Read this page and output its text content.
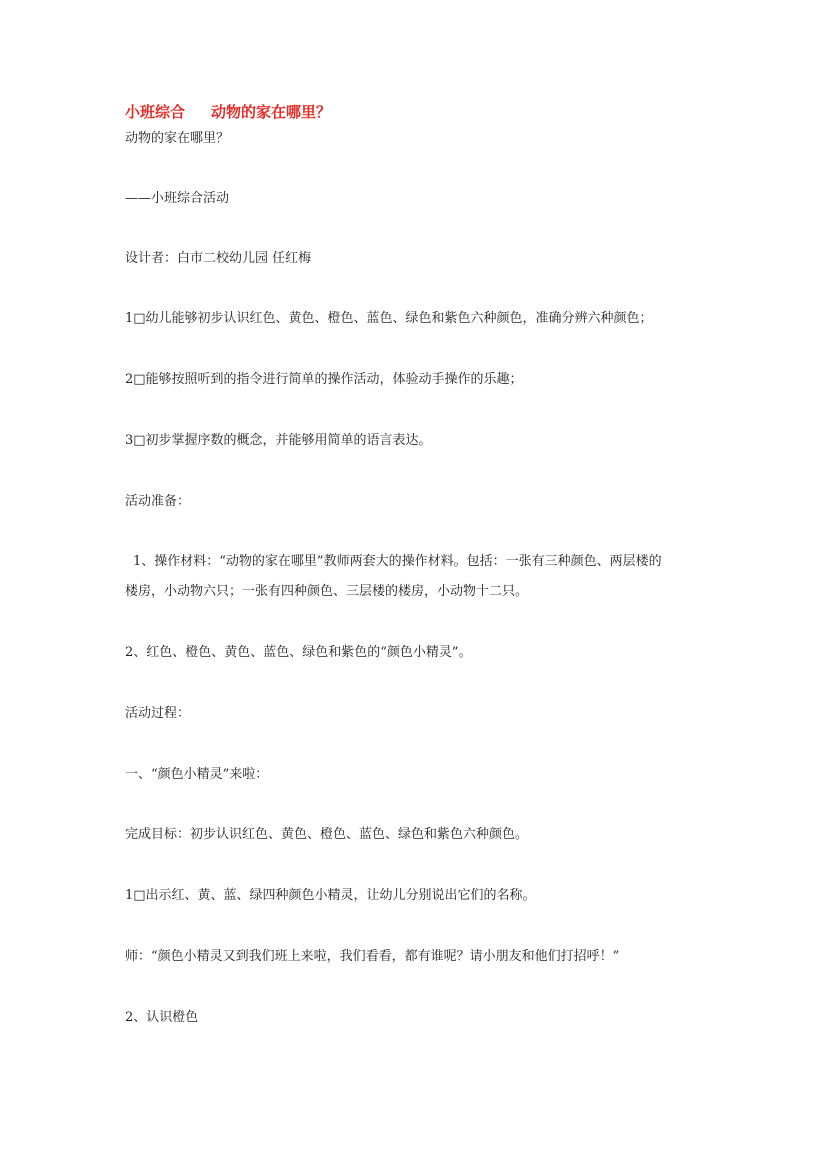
小班综合 动物的家在哪里？
动物的家在哪里？
——小班综合活动
设计者：白市二校幼儿园 任红梅
1□幼儿能够初步认识红色、黄色、橙色、蓝色、绿色和紫色六种颜色，准确分辨六种颜色；
2□能够按照听到的指令进行简单的操作活动，体验动手操作的乐趣；
3□初步掌握序数的概念，并能够用简单的语言表达。
活动准备：
1、操作材料：“动物的家在哪里”教师两套大的操作材料。包括：一张有三种颜色、两层楼的
楼房，小动物六只；一张有四种颜色、三层楼的楼房，小动物十二只。
2、红色、橙色、黄色、蓝色、绿色和紫色的“颜色小精灵”。
活动过程：
一、“颜色小精灵”来啦：
完成目标：初步认识红色、黄色、橙色、蓝色、绿色和紫色六种颜色。
1□出示红、黄、蓝、绿四种颜色小精灵，让幼儿分别说出它们的名称。
师：“颜色小精灵又到我们班上来啦，我们看看，都有谁呢？请小朋友和他们打招呼！”
2、认识橙色
